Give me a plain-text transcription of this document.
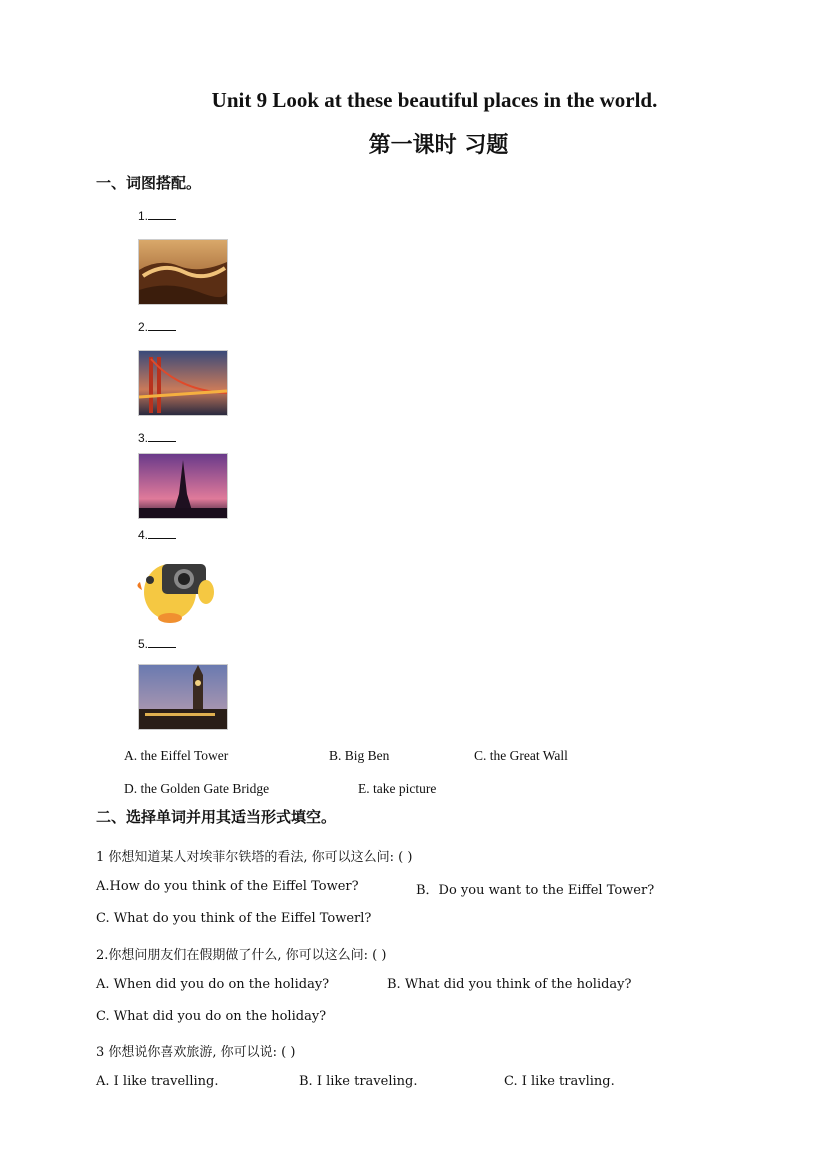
Unit 9 Look at these beautiful places in the world.
第一课时 习题
一、词图搭配。
1.
2.
3.
4.
5.
A. the Eiffel Tower	B. Big Ben	C. the Great Wall
D. the Golden Gate Bridge	E. take picture
二、选择单词并用其适当形式填空。
1 你想知道某人对埃菲尔铁塔的看法, 你可以这么问: ( )
A.How do you think of the Eiffel Tower?	B．Do you want to the Eiffel Tower?
C. What do you think of the Eiffel Towerl?
2.你想问朋友们在假期做了什么, 你可以这么问: ( )
A. When did you do on the holiday?	B. What did you think of the holiday?
C. What did you do on the holiday?
3 你想说你喜欢旅游, 你可以说: ( )
A. I like travelling.	B. I like traveling.	C. I like travling.
